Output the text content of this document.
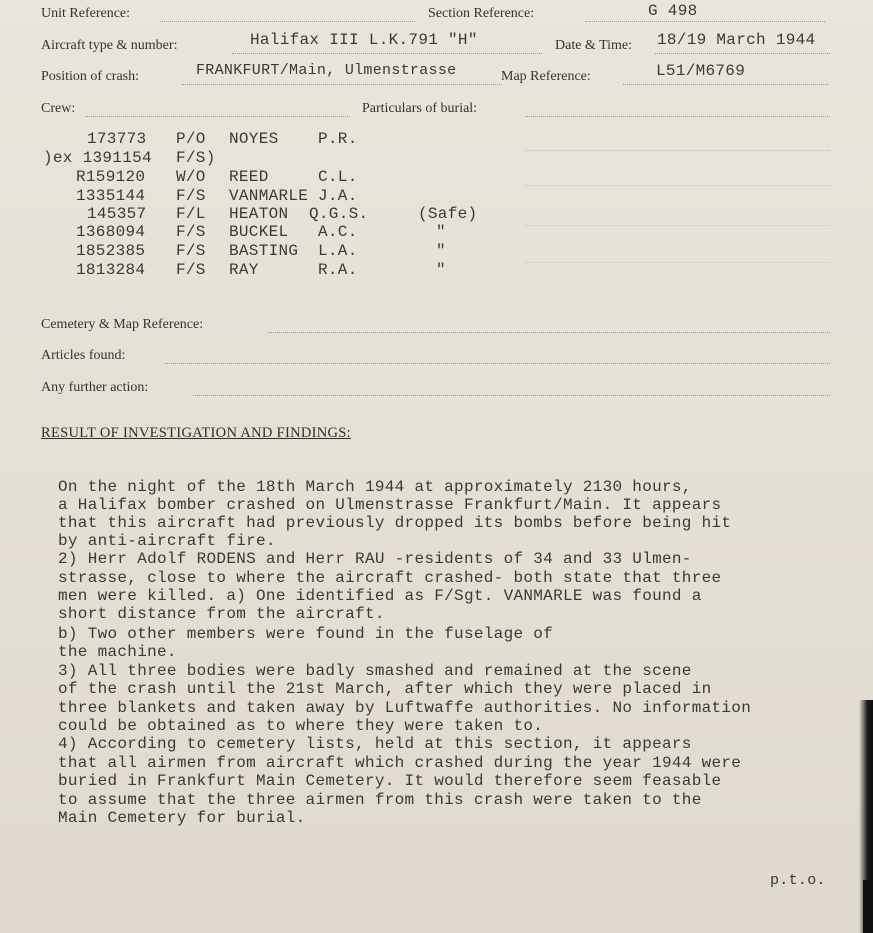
Unit Reference:	Section Reference:	G 498
Aircraft type & number:	Halifax III L.K.791 "H"	Date & Time: 18/19 March 1944
Position of crash:	FRANKFURT/Main, Ulmenstrasse	Map Reference:	L51/M6769
Crew:	Particulars of burial:
173773 P/O NOYES P.R.
)ex 1391154 F/S)
R159120 W/O REED	C.L.
1335144 F/S VANMARLE J.A.
145357 F/L HEATON Q.G.S.	(Safe)
1368094 F/S BUCKEL A.C.	"
1852385 F/S BASTING L.A.	"
1813284 F/S RAY	R.A.	"
Cemetery & Map Reference:
Articles found:
Any further action:
RESULT OF INVESTIGATION AND FINDINGS:
On the night of the 18th March 1944 at approximately 2130 hours,
a Halifax bomber crashed on Ulmenstrasse Frankfurt/Main. It appears
that this aircraft had previously dropped its bombs before being hit
by anti-aircraft fire.
2) Herr Adolf RODENS and Herr RAU -residents of 34 and 33 Ulmen-
strasse, close to where the aircraft crashed- both state that three
men were killed. a) One identified as F/Sgt. VANMARLE was found a
short distance from the aircraft.
b) Two other members were found in the fuselage of
the machine.
3) All three bodies were badly smashed and remained at the scene
of the crash until the 21st March, after which they were placed in
three blankets and taken away by Luftwaffe authorities. No information
could be obtained as to where they were taken to.
4) According to cemetery lists, held at this section, it appears
that all airmen from aircraft which crashed during the year 1944 were
buried in Frankfurt Main Cemetery. It would therefore seem feasable
to assume that the three airmen from this crash were taken to the
Main Cemetery for burial.
p.t.o.
